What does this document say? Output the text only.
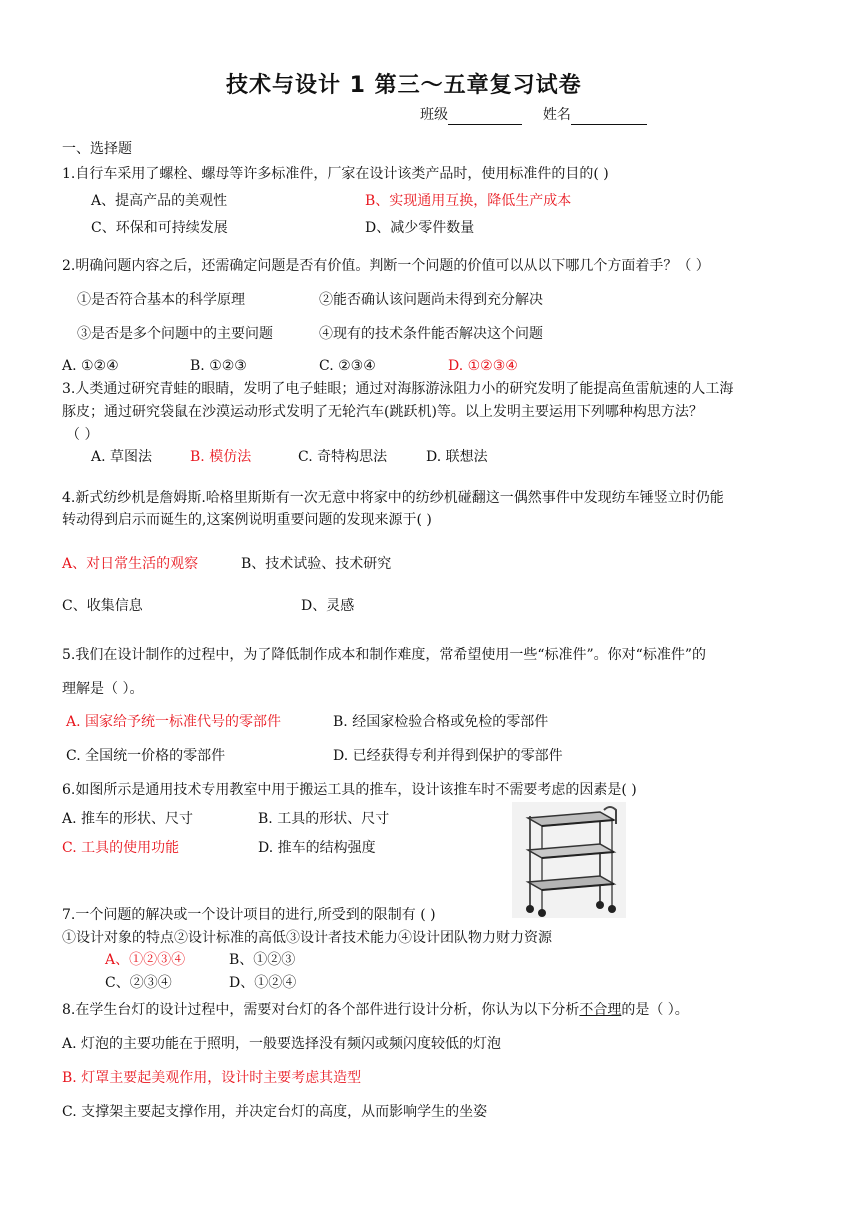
技术与设计 1 第三～五章复习试卷
班级	姓名
一、选择题
1.自行车采用了螺栓、螺母等许多标准件，厂家在设计该类产品时，使用标准件的目的( )
A、提高产品的美观性	B、实现通用互换，降低生产成本
C、环保和可持续发展	D、减少零件数量
2.明确问题内容之后，还需确定问题是否有价值。判断一个问题的价值可以从以下哪几个方面着手？（ ）
①是否符合基本的科学原理	②能否确认该问题尚未得到充分解决
③是否是多个问题中的主要问题	④现有的技术条件能否解决这个问题
A. ①②④	B. ①②③	C. ②③④	D. ①②③④
3.人类通过研究青蛙的眼睛，发明了电子蛙眼；通过对海豚游泳阻力小的研究发明了能提高鱼雷航速的人工海
豚皮；通过研究袋鼠在沙漠运动形式发明了无轮汽车(跳跃机)等。以上发明主要运用下列哪种构思方法？
（ ）
A. 草图法	B. 模仿法	C. 奇特构思法	D. 联想法
4.新式纺纱机是詹姆斯.哈格里斯斯有一次无意中将家中的纺纱机碰翻这一偶然事件中发现纺车锤竖立时仍能
转动得到启示而诞生的,这案例说明重要问题的发现来源于( )
A、对日常生活的观察	B、技术试验、技术研究
C、收集信息	D、灵感
5.我们在设计制作的过程中，为了降低制作成本和制作难度，常希望使用一些“标准件”。你对“标准件”的
理解是（ ）。
A. 国家给予统一标准代号的零部件	B. 经国家检验合格或免检的零部件
C. 全国统一价格的零部件	D. 已经获得专利并得到保护的零部件
6.如图所示是通用技术专用教室中用于搬运工具的推车，设计该推车时不需要考虑的因素是( )
A. 推车的形状、尺寸	B. 工具的形状、尺寸
C. 工具的使用功能	D. 推车的结构强度
7.一个问题的解决或一个设计项目的进行,所受到的限制有 ( )
①设计对象的特点②设计标准的高低③设计者技术能力④设计团队物力财力资源
A、①②③④	B、①②③
C、②③④	D、①②④
8.在学生台灯的设计过程中，需要对台灯的各个部件进行设计分析，你认为以下分析不合理的是（ ）。
A. 灯泡的主要功能在于照明，一般要选择没有频闪或频闪度较低的灯泡
B. 灯罩主要起美观作用，设计时主要考虑其造型
C. 支撑架主要起支撑作用，并决定台灯的高度，从而影响学生的坐姿
